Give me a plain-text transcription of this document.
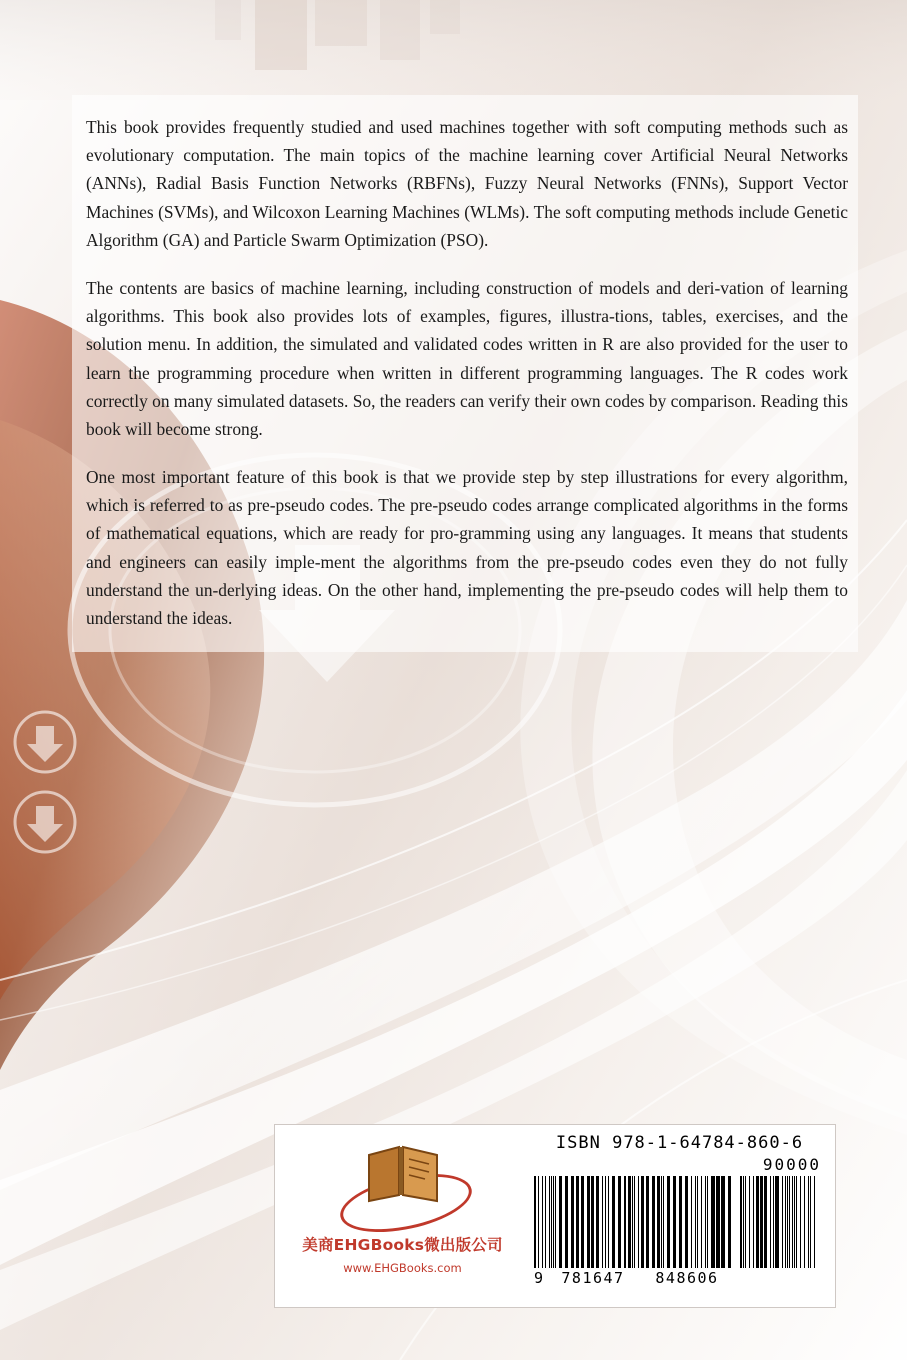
This book provides frequently studied and used machines together with soft computing methods such as evolutionary computation. The main topics of the machine learning cover Artificial Neural Networks (ANNs), Radial Basis Function Networks (RBFNs), Fuzzy Neural Networks (FNNs), Support Vector Machines (SVMs), and Wilcoxon Learning Machines (WLMs). The soft computing methods include Genetic Algorithm (GA) and Particle Swarm Optimization (PSO).

The contents are basics of machine learning, including construction of models and deri-vation of learning algorithms. This book also provides lots of examples, figures, illustra-tions, tables, exercises, and the solution menu. In addition, the simulated and validated codes written in R are also provided for the user to learn the programming procedure when written in different programming languages. The R codes work correctly on many simulated datasets. So, the readers can verify their own codes by comparison. Reading this book will become strong.

One most important feature of this book is that we provide step by step illustrations for every algorithm, which is referred to as pre-pseudo codes. The pre-pseudo codes arrange complicated algorithms in the forms of mathematical equations, which are ready for pro-gramming using any languages. It means that students and engineers can easily imple-ment the algorithms from the pre-pseudo codes even they do not fully understand the un-derlying ideas. On the other hand, implementing the pre-pseudo codes will help them to understand the ideas.

美商EHGBooks微出版公司
www.EHGBooks.com
ISBN 978-1-64784-860-6
90000
9	781647	848606
